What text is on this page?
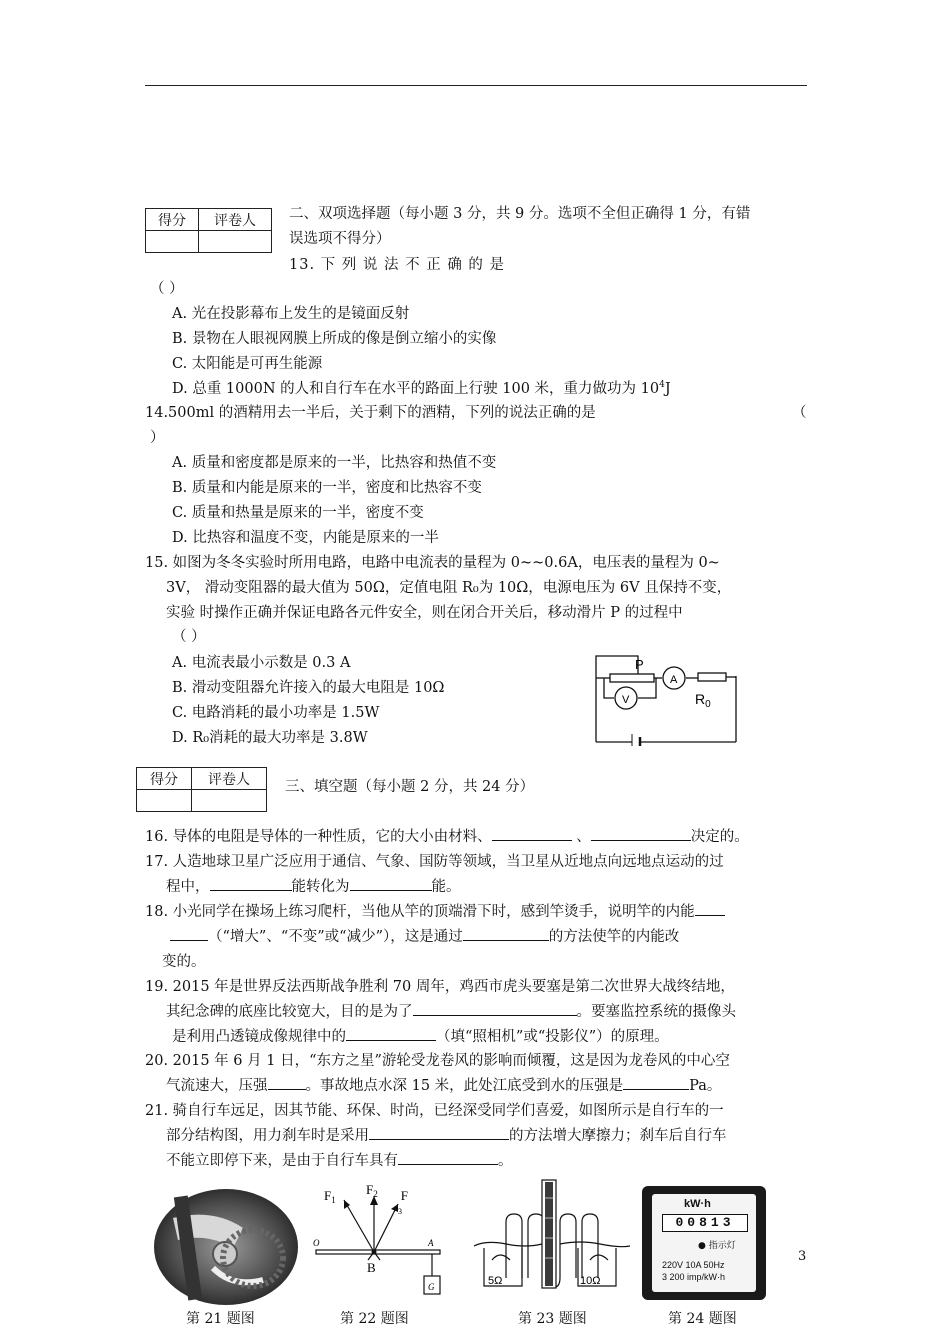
得分	评卷人
	二、双项选择题（每小题 3 分，共 9 分。选项不全但正确得 1 分，有错
误选项不得分）
13. 下 列 说 法 不 正 确 的 是
（ ）
A. 光在投影幕布上发生的是镜面反射
B. 景物在人眼视网膜上所成的像是倒立缩小的实像
C. 太阳能是可再生能源
D. 总重 1000N 的人和自行车在水平的路面上行驶 100 米，重力做功为 $10^4J$
14.500ml 的酒精用去一半后，关于剩下的酒精，下列的说法正确的是	（
）
A. 质量和密度都是原来的一半，比热容和热值不变
B. 质量和内能是原来的一半，密度和比热容不变
C. 质量和热量是原来的一半，密度不变
D. 比热容和温度不变，内能是原来的一半
15. 如图为冬冬实验时所用电路，电路中电流表的量程为 0~~0.6A，电压表的量程为 0~
3V， 滑动变阻器的最大值为 50Ω，定值电阻 R₀为 10Ω，电源电压为 6V 且保持不变，
实验 时操作正确并保证电路各元件安全，则在闭合开关后，移动滑片 P 的过程中
（ ）
A. 电流表最小示数是 0.3 A
B. 滑动变阻器允许接入的最大电阻是 10Ω
C. 电路消耗的最小功率是 1.5W
D. R₀消耗的最大功率是 3.8W
P
A
V	$R_0$
得分	评卷人
	三、填空题（每小题 2 分，共 24 分）
16. 导体的电阻是导体的一种性质，它的大小由材料、	、	决定的。
17. 人造地球卫星广泛应用于通信、气象、国防等领域，当卫星从近地点向远地点运动的过
程中，	能转化为	能。
18. 小光同学在操场上练习爬杆，当他从竿的顶端滑下时，感到竿烫手，说明竿的内能
（“增大”、“不变”或“减少”），这是通过	的方法使竿的内能改
变的。
19. 2015 年是世界反法西斯战争胜利 70 周年，鸡西市虎头要塞是第二次世界大战终结地，
其纪念碑的底座比较宽大，目的是为了	。要塞监控系统的摄像头
是利用凸透镜成像规律中的	（填“照相机”或“投影仪”）的原理。
20. 2015 年 6 月 1 日，“东方之星”游轮受龙卷风的影响而倾覆，这是因为龙卷风的中心空
气流速大，压强	。事故地点水深 15 米，此处江底受到水的压强是	Pa。
21. 骑自行车远足，因其节能、环保、时尚，已经深受同学们喜爱，如图所示是自行车的一
部分结构图，用力刹车时是采用	的方法增大摩擦力；刹车后自行车
不能立即停下来，是由于自行车具有	。
$F_1$
$F_2$ F 3
O	A
B
G	5Ω	10Ω
kW·h
00813
● 指示灯
220V 10A 50Hz
3 200 imp/kW·h
3
第 21 题图	第 22 题图	第 23 题图	第 24 题图
